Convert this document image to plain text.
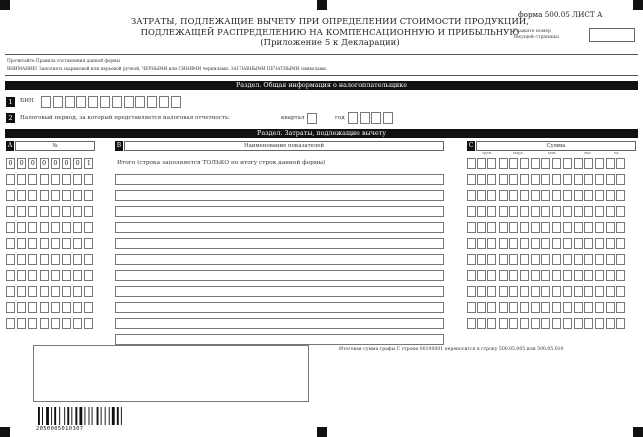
ЗАТРАТЫ, ПОДЛЕЖАЩИЕ ВЫЧЕТУ ПРИ ОПРЕДЕЛЕНИИ СТОИМОСТИ ПРОДУКЦИИ, ПОДЛЕЖАЩЕЙ РАСПРЕДЕЛЕНИЮ НА КОМПЕНСАЦИОННУЮ И ПРИБЫЛЬНУЮ (Приложение 5 к Декларации)
форма 500.05 ЛИСТ А
Укажите номер текущей страницы
Прочитайте Правила составления данной формы
ВНИМАНИЕ! Заполнять шариковой или перьевой ручкой, ЧЕРНЫМИ или СИНИМИ чернилами. ЗАГЛАВНЫМИ ПЕЧАТНЫМИ символами.
Раздел. Общая информация о налогоплательщике
1	БИН
2	Налоговый период, за который представляется налоговая отчетность:	квартал	год
Раздел. Затраты, подлежащие вычету
A	№	B	Наименование показателей	C	Сумма
трлн.	млрд.	млн.	тыс.	ед.
0	0	0	0	0	0	0	1	Итого (строка заполняется ТОЛЬКО по итогу строк данной формы)
Итоговая сумма графы С строки 00100001 переносится в строку 500.05.005 или 500.05.010
2050005010307
